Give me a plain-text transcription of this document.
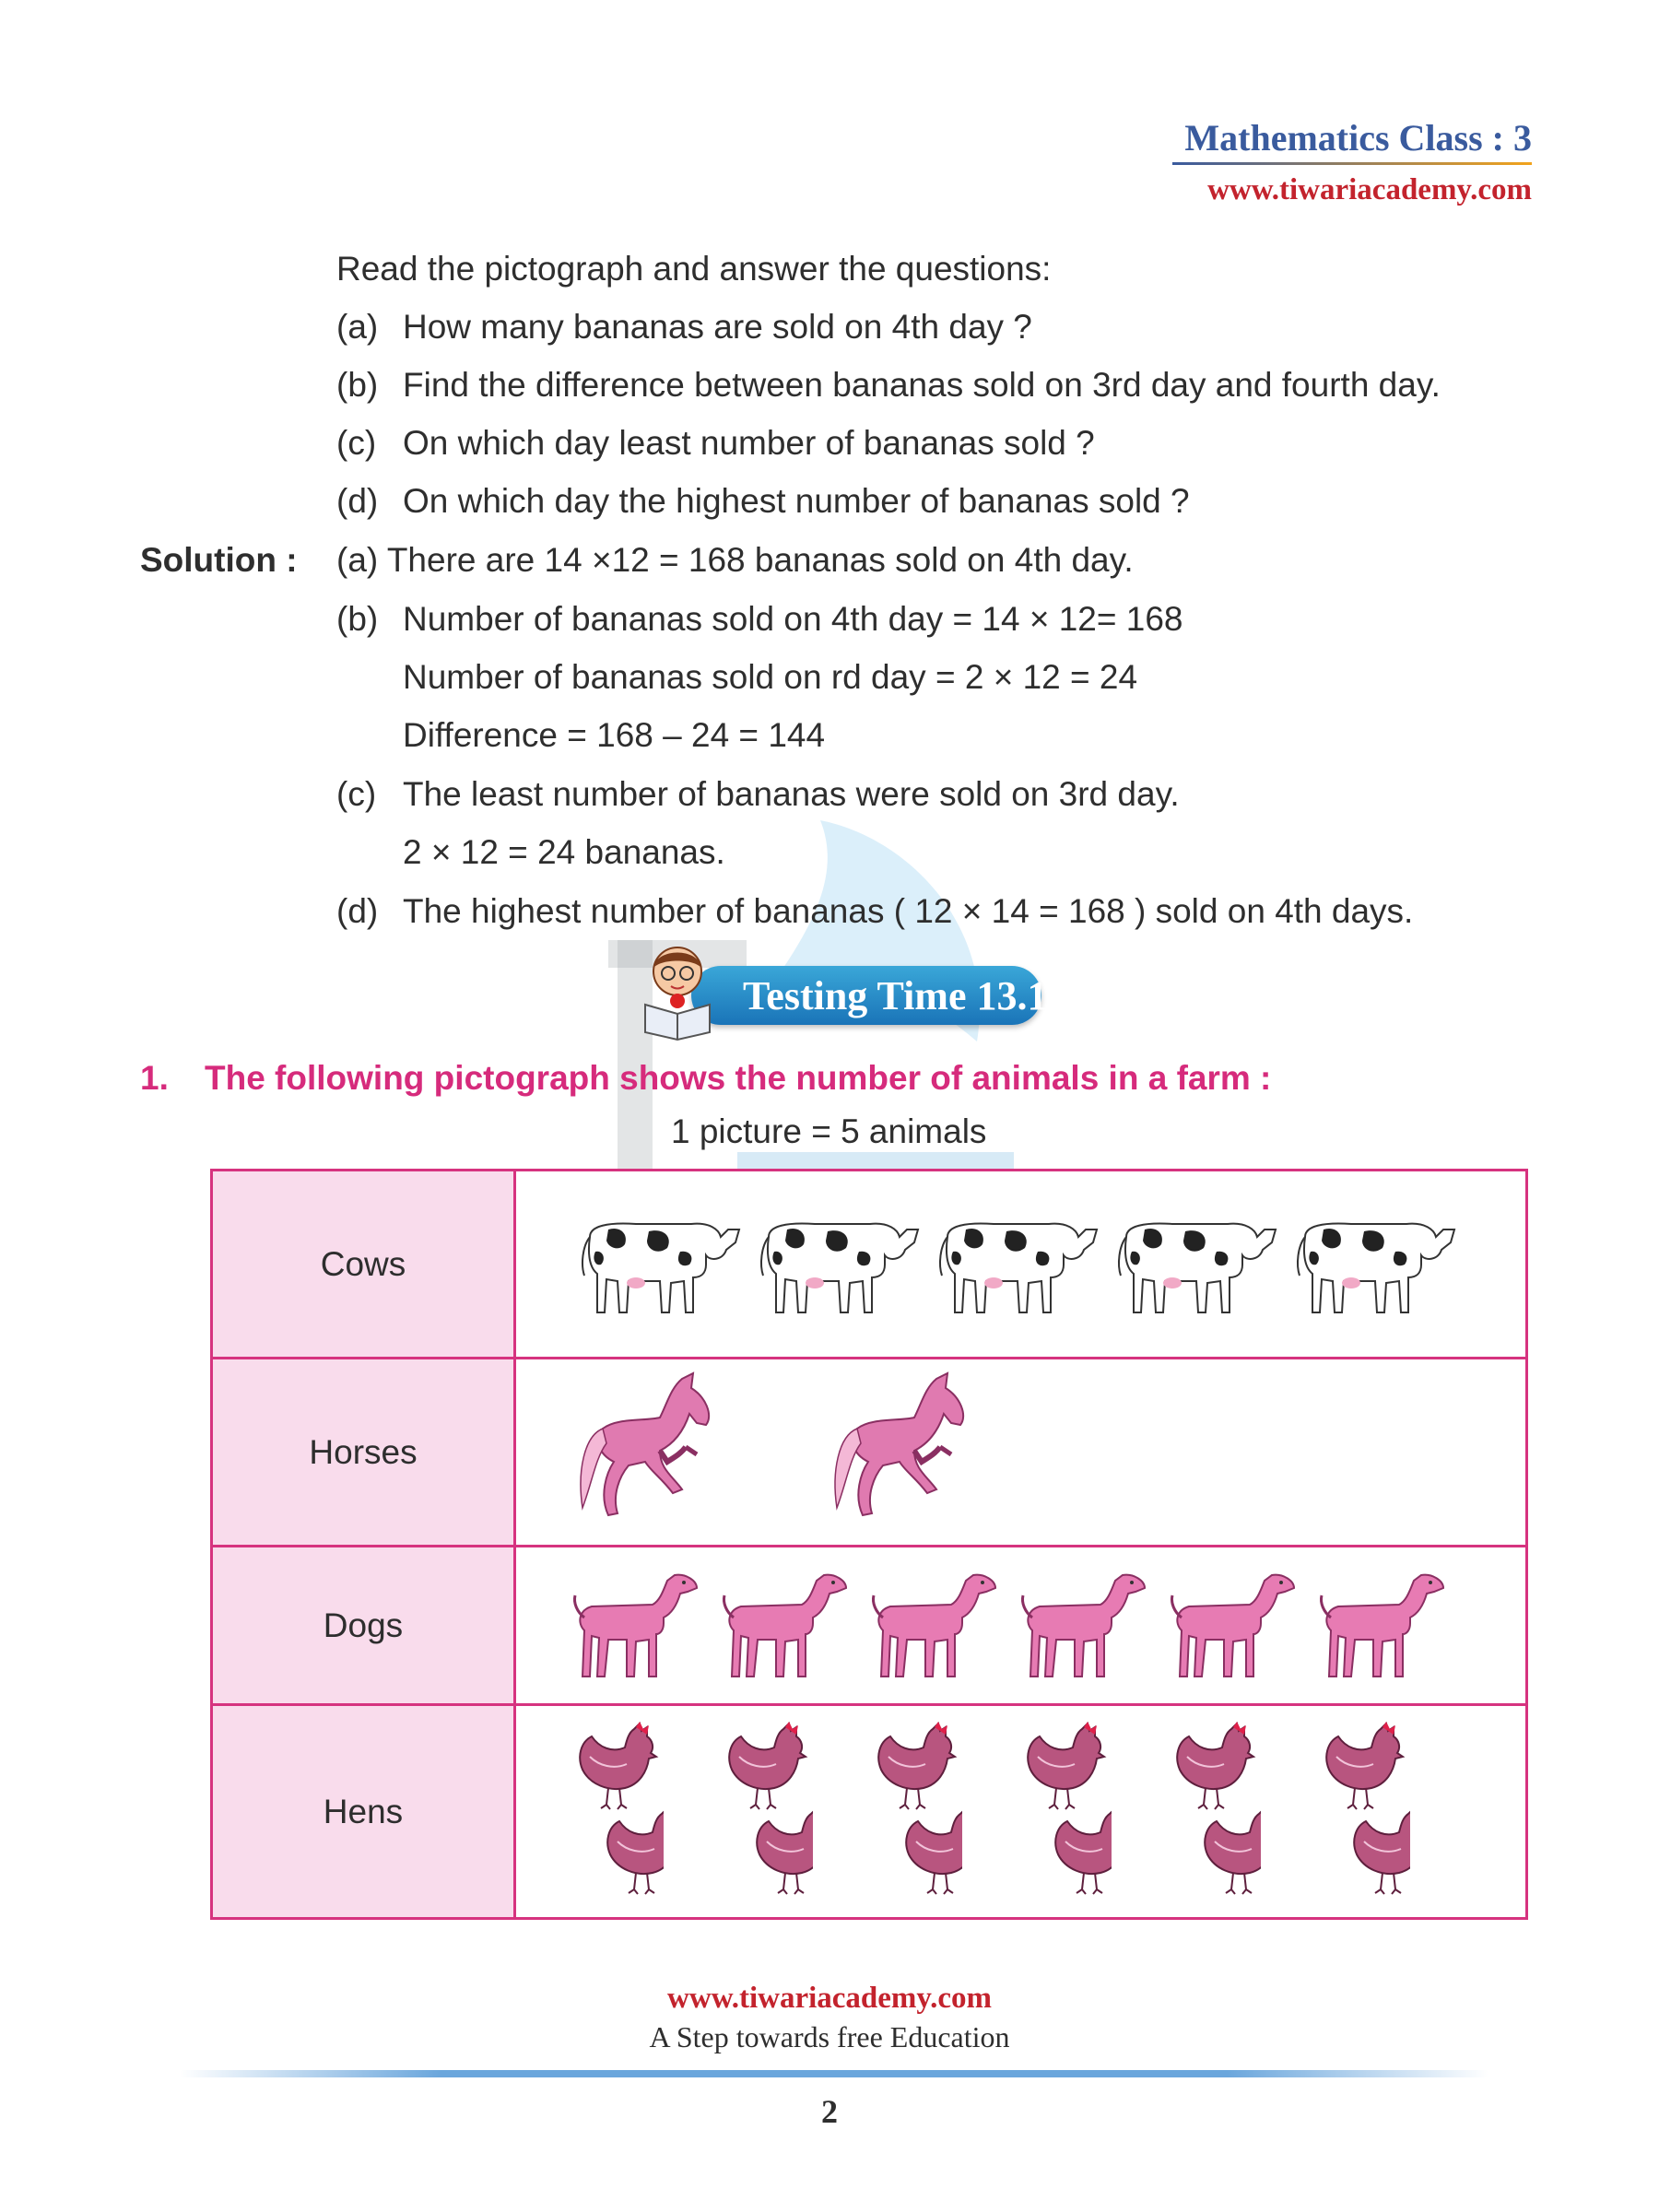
Mathematics Class : 3
www.tiwariacademy.com
Read the pictograph and answer the questions:
(a) How many bananas are sold on 4th day ?
(b) Find the difference between bananas sold on 3rd day and fourth day.
(c) On which day least number of bananas sold ?
(d) On which day the highest number of bananas sold ?
Solution : (a) There are 14 ×12 = 168 bananas sold on 4th day.
(b) Number of bananas sold on 4th day = 14 × 12= 168
Number of bananas sold on rd day = 2 × 12 = 24
Difference = 168 – 24 = 144
(c) The least number of bananas were sold on 3rd day.
2 × 12 = 24 bananas.
(d) The highest number of bananas ( 12 × 14 = 168 ) sold on 4th days.
Testing Time 13.1
1. The following pictograph shows the number of animals in a farm :
1 picture = 5 animals
Cows	

Horses	

Dogs	

Hens	
www.tiwariacademy.com
A Step towards free Education
2
